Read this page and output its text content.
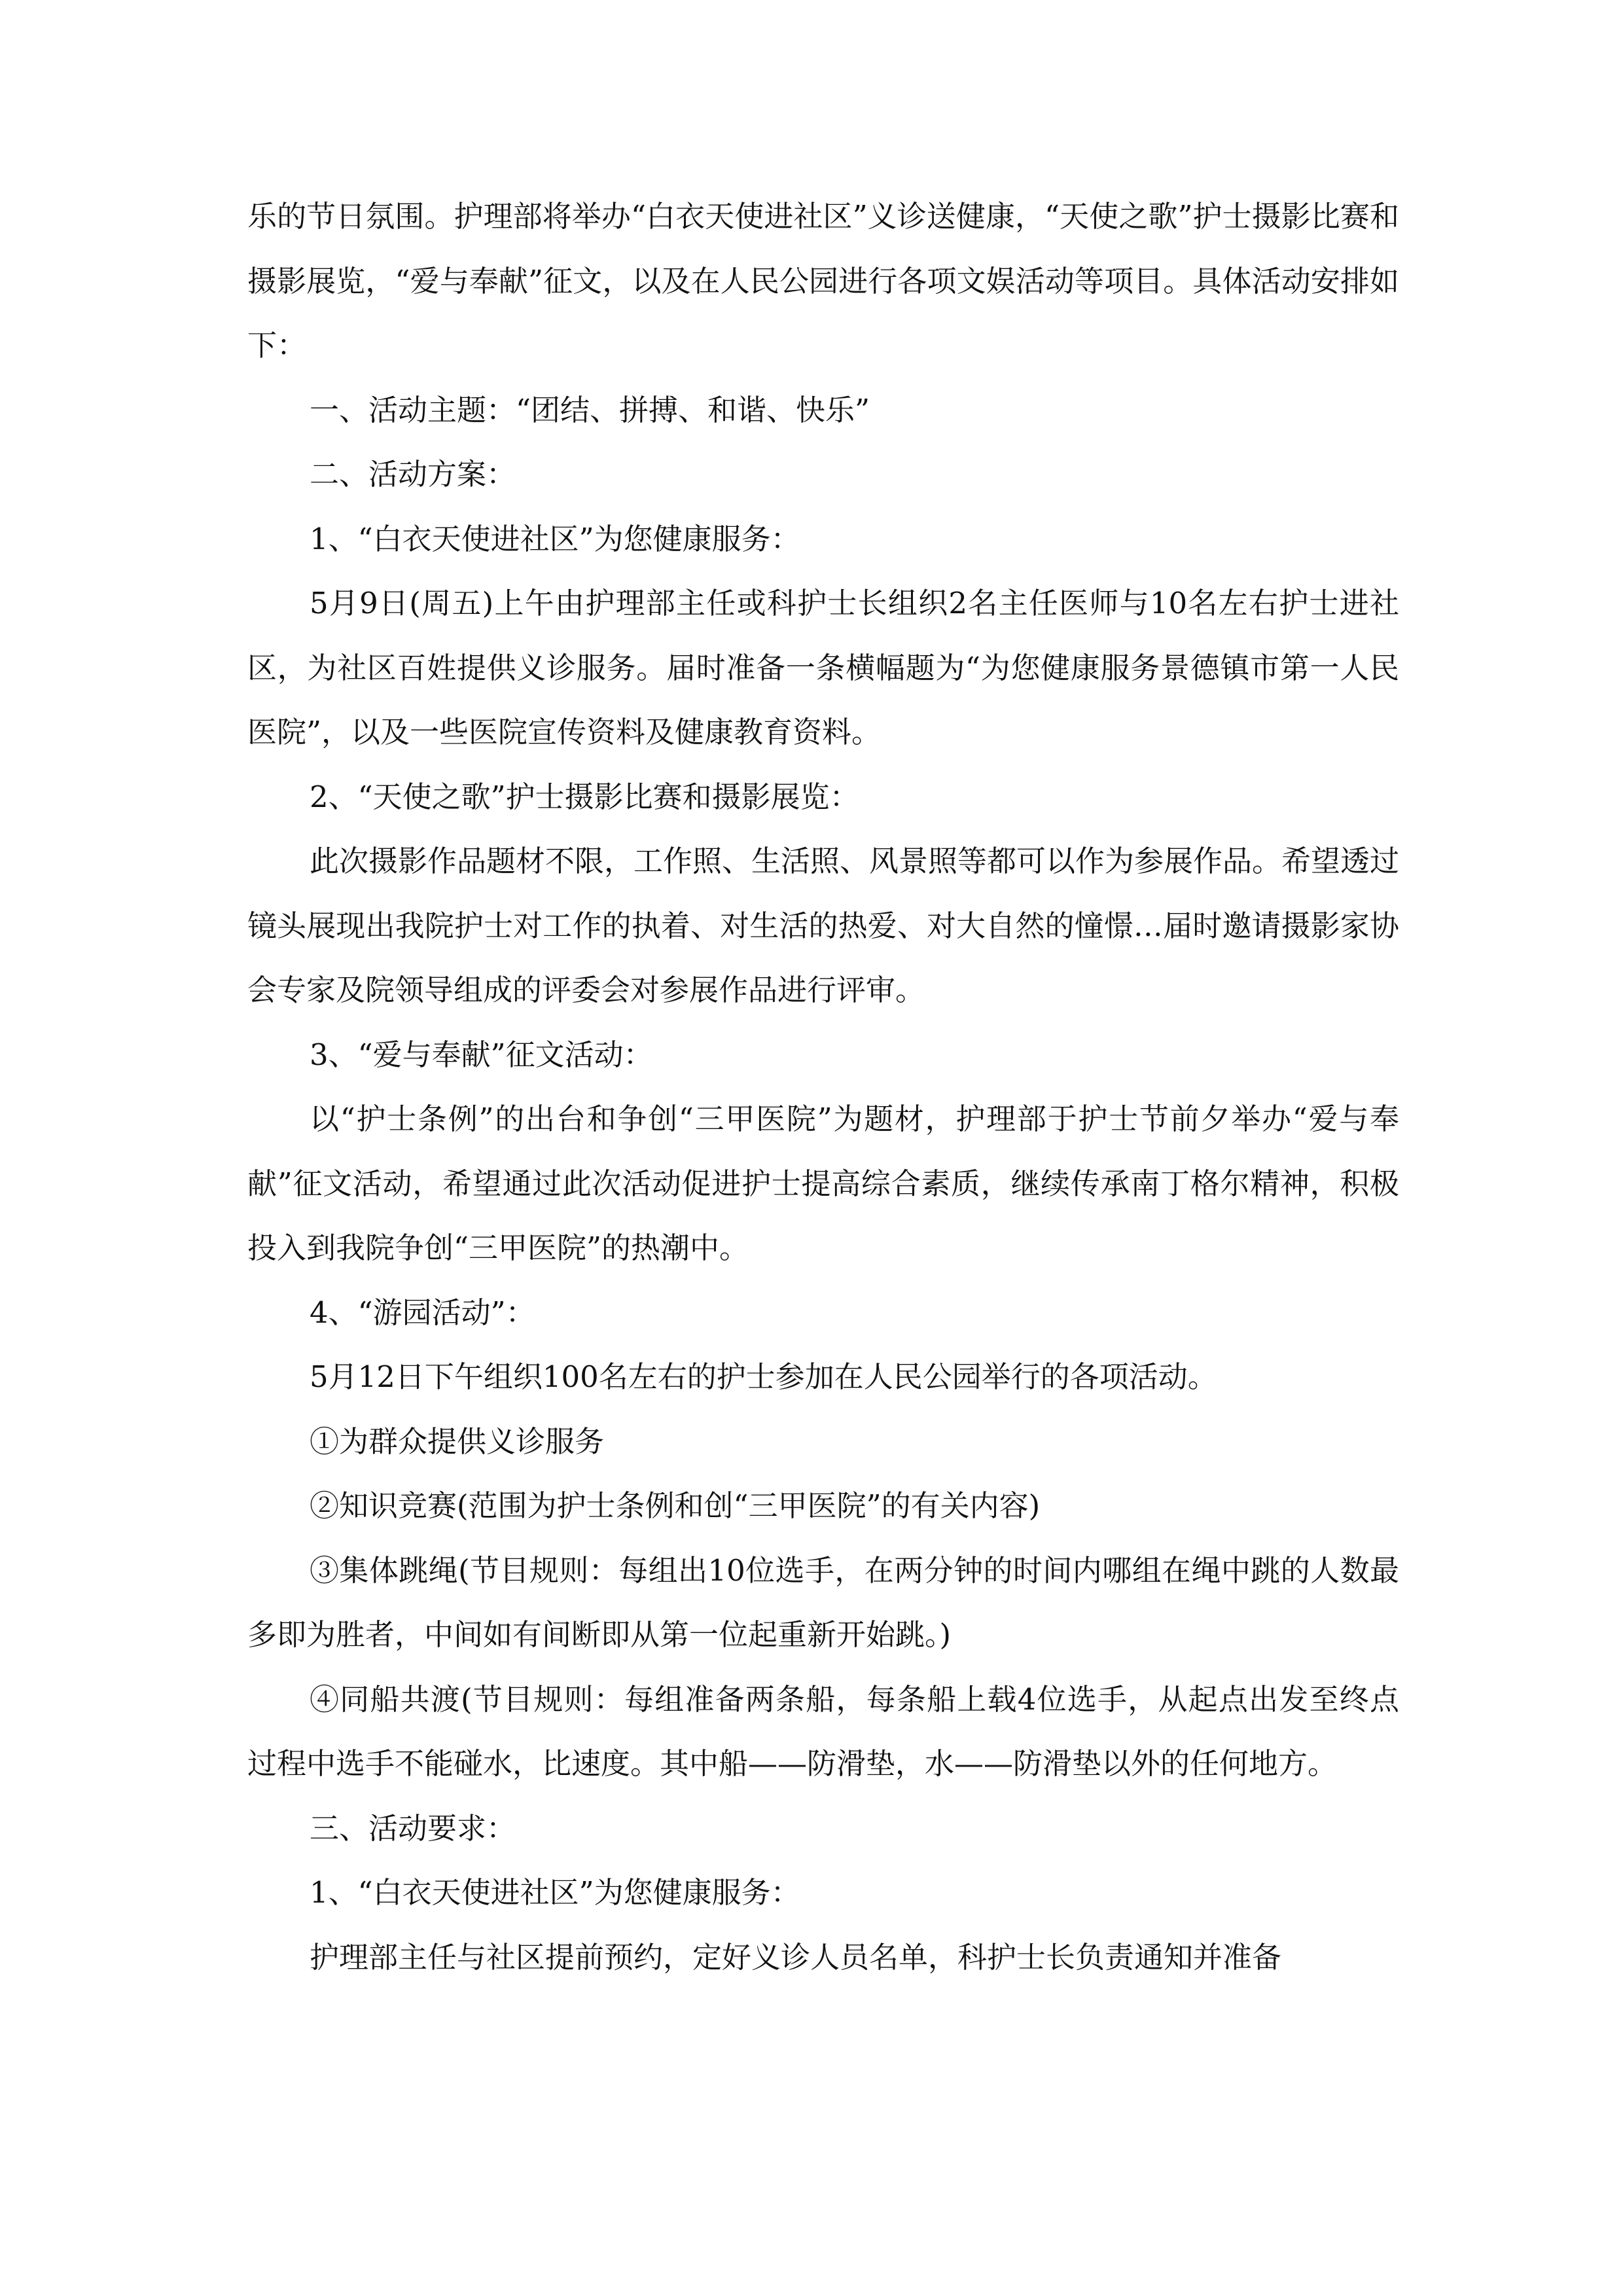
乐的节日氛围。护理部将举办“白衣天使进社区”义诊送健康，“天使之歌”护士摄影比赛和摄影展览，“爱与奉献”征文，以及在人民公园进行各项文娱活动等项目。具体活动安排如下：

一、活动主题：“团结、拼搏、和谐、快乐”

二、活动方案：

1、“白衣天使进社区”为您健康服务：

5月9日(周五)上午由护理部主任或科护士长组织2名主任医师与10名左右护士进社区，为社区百姓提供义诊服务。届时准备一条横幅题为“为您健康服务景德镇市第一人民医院”，以及一些医院宣传资料及健康教育资料。

2、“天使之歌”护士摄影比赛和摄影展览：

此次摄影作品题材不限，工作照、生活照、风景照等都可以作为参展作品。希望透过镜头展现出我院护士对工作的执着、对生活的热爱、对大自然的憧憬…届时邀请摄影家协会专家及院领导组成的评委会对参展作品进行评审。

3、“爱与奉献”征文活动：

以“护士条例”的出台和争创“三甲医院”为题材，护理部于护士节前夕举办“爱与奉献”征文活动，希望通过此次活动促进护士提高综合素质，继续传承南丁格尔精神，积极投入到我院争创“三甲医院”的热潮中。

4、“游园活动”：

5月12日下午组织100名左右的护士参加在人民公园举行的各项活动。

①为群众提供义诊服务

②知识竞赛(范围为护士条例和创“三甲医院”的有关内容)

③集体跳绳(节目规则：每组出10位选手，在两分钟的时间内哪组在绳中跳的人数最多即为胜者，中间如有间断即从第一位起重新开始跳。)

④同船共渡(节目规则：每组准备两条船，每条船上载4位选手，从起点出发至终点过程中选手不能碰水，比速度。其中船——防滑垫，水——防滑垫以外的任何地方。

三、活动要求：

1、“白衣天使进社区”为您健康服务：

护理部主任与社区提前预约，定好义诊人员名单，科护士长负责通知并准备
